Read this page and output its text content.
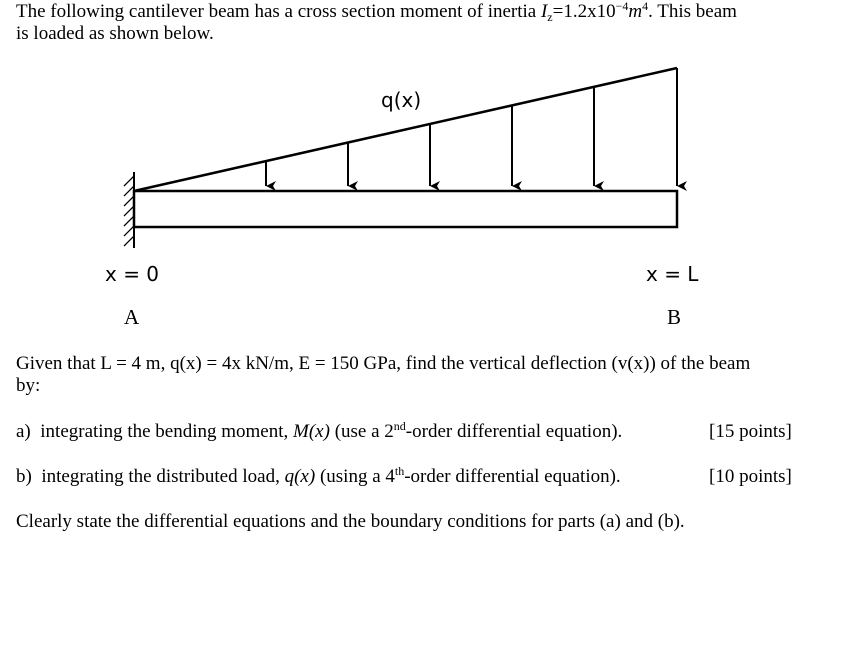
The following cantilever beam has a cross section moment of inertia $I_z=1.2x10^{-4}m^4$. This beam
is loaded as shown below.
q(x)
x = 0	x = L
A	B
Given that L = 4 m, q(x) = 4x kN/m, E = 150 GPa, find the vertical deflection (v(x)) of the beam
by:
a) integrating the bending moment, M(x) (use a 2nd-order differential equation).	[15 points]
b) integrating the distributed load, q(x) (using a 4th-order differential equation).	[10 points]
Clearly state the differential equations and the boundary conditions for parts (a) and (b).
